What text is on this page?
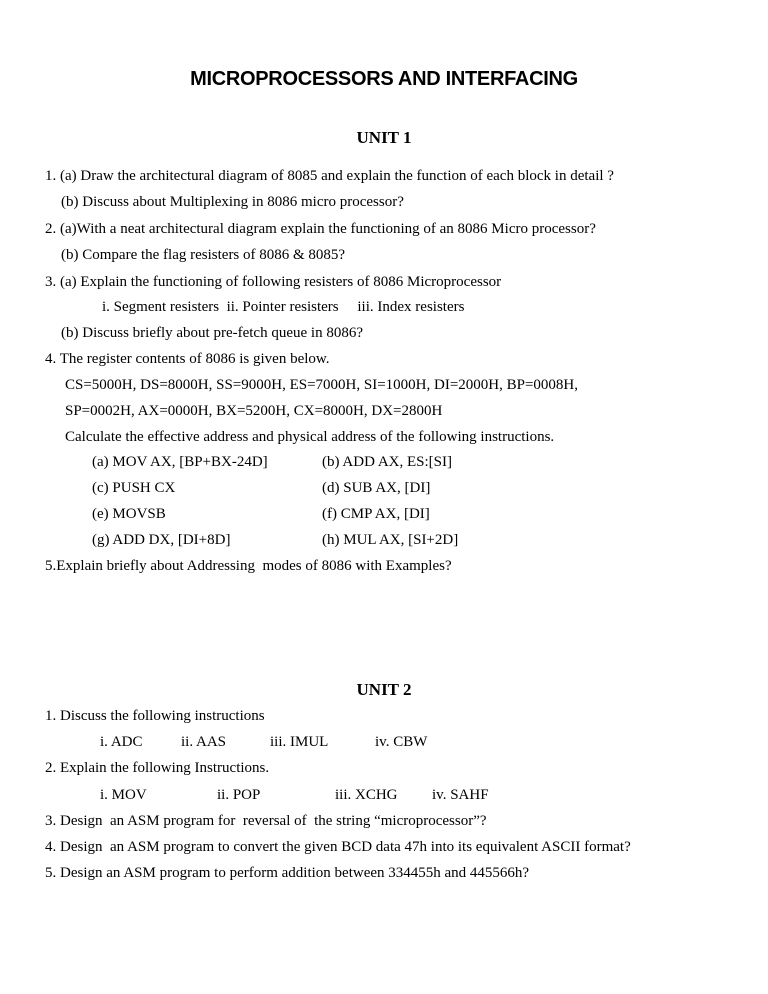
MICROPROCESSORS AND INTERFACING
UNIT 1
1. (a) Draw the architectural diagram of 8085 and explain the function of each block in detail ?
(b) Discuss about Multiplexing in 8086 micro processor?
2. (a)With a neat architectural diagram explain the functioning of an 8086 Micro processor?
(b) Compare the flag resisters of 8086 & 8085?
3. (a) Explain the functioning of following resisters of 8086 Microprocessor
i. Segment resisters  ii. Pointer resisters     iii. Index resisters
(b) Discuss briefly about pre-fetch queue in 8086?
4. The register contents of 8086 is given below.
CS=5000H, DS=8000H, SS=9000H, ES=7000H, SI=1000H, DI=2000H, BP=0008H,
SP=0002H, AX=0000H, BX=5200H, CX=8000H, DX=2800H
Calculate the effective address and physical address of the following instructions.
(a) MOV AX, [BP+BX-24D]	(b) ADD AX, ES:[SI]
(c) PUSH CX	(d) SUB AX, [DI]
(e) MOVSB	(f) CMP AX, [DI]
(g) ADD DX, [DI+8D]	(h) MUL AX, [SI+2D]
5.Explain briefly about Addressing  modes of 8086 with Examples?
UNIT 2
1. Discuss the following instructions
i. ADC	ii. AAS	iii. IMUL	iv. CBW
2. Explain the following Instructions.
i. MOV	ii. POP	iii. XCHG iv. SAHF
3. Design  an ASM program for  reversal of  the string “microprocessor”?
4. Design  an ASM program to convert the given BCD data 47h into its equivalent ASCII format?
5. Design an ASM program to perform addition between 334455h and 445566h?
